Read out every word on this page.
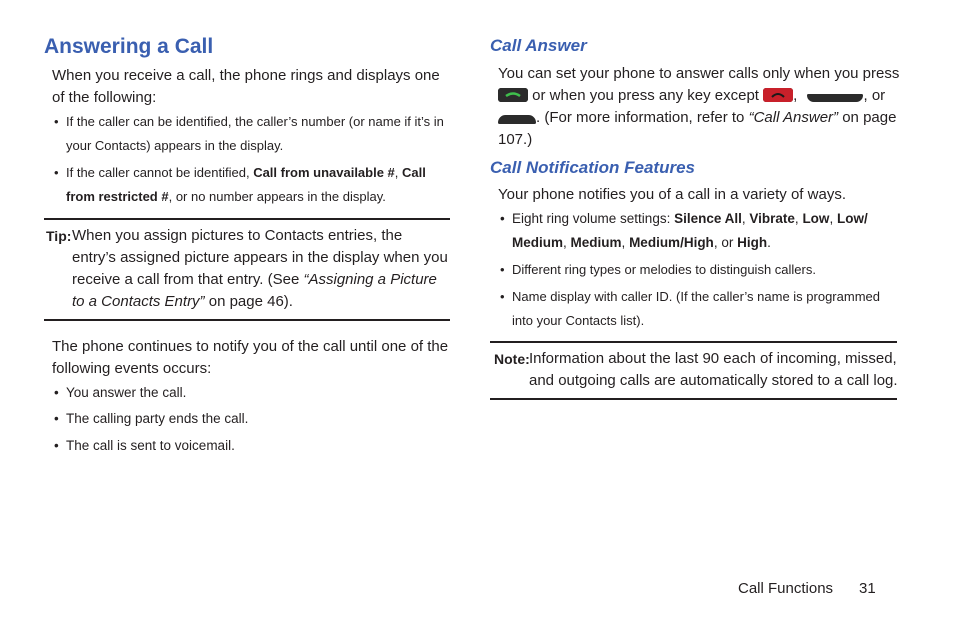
Answering a Call
When you receive a call, the phone rings and displays one of the following:
• If the caller can be identified, the caller’s number (or name if it’s in your Contacts) appears in the display.
• If the caller cannot be identified, Call from unavailable #, Call from restricted #, or no number appears in the display.
Tip: When you assign pictures to Contacts entries, the entry’s assigned picture appears in the display when you receive a call from that entry. (See “Assigning a Picture to a Contacts Entry” on page 46).
The phone continues to notify you of the call until one of the following events occurs:
• You answer the call.
• The calling party ends the call.
• The call is sent to voicemail.
Call Answer
You can set your phone to answer calls only when you press
or when you press any key except ,	, or
. (For more information, refer to “Call Answer” on page 107.)
Call Notification Features
Your phone notifies you of a call in a variety of ways.
• Eight ring volume settings: Silence All, Vibrate, Low, Low/ Medium, Medium, Medium/High, or High.
• Different ring types or melodies to distinguish callers.
• Name display with caller ID. (If the caller’s name is programmed into your Contacts list).
Note: Information about the last 90 each of incoming, missed, and outgoing calls are automatically stored to a call log.
Call Functions 31
